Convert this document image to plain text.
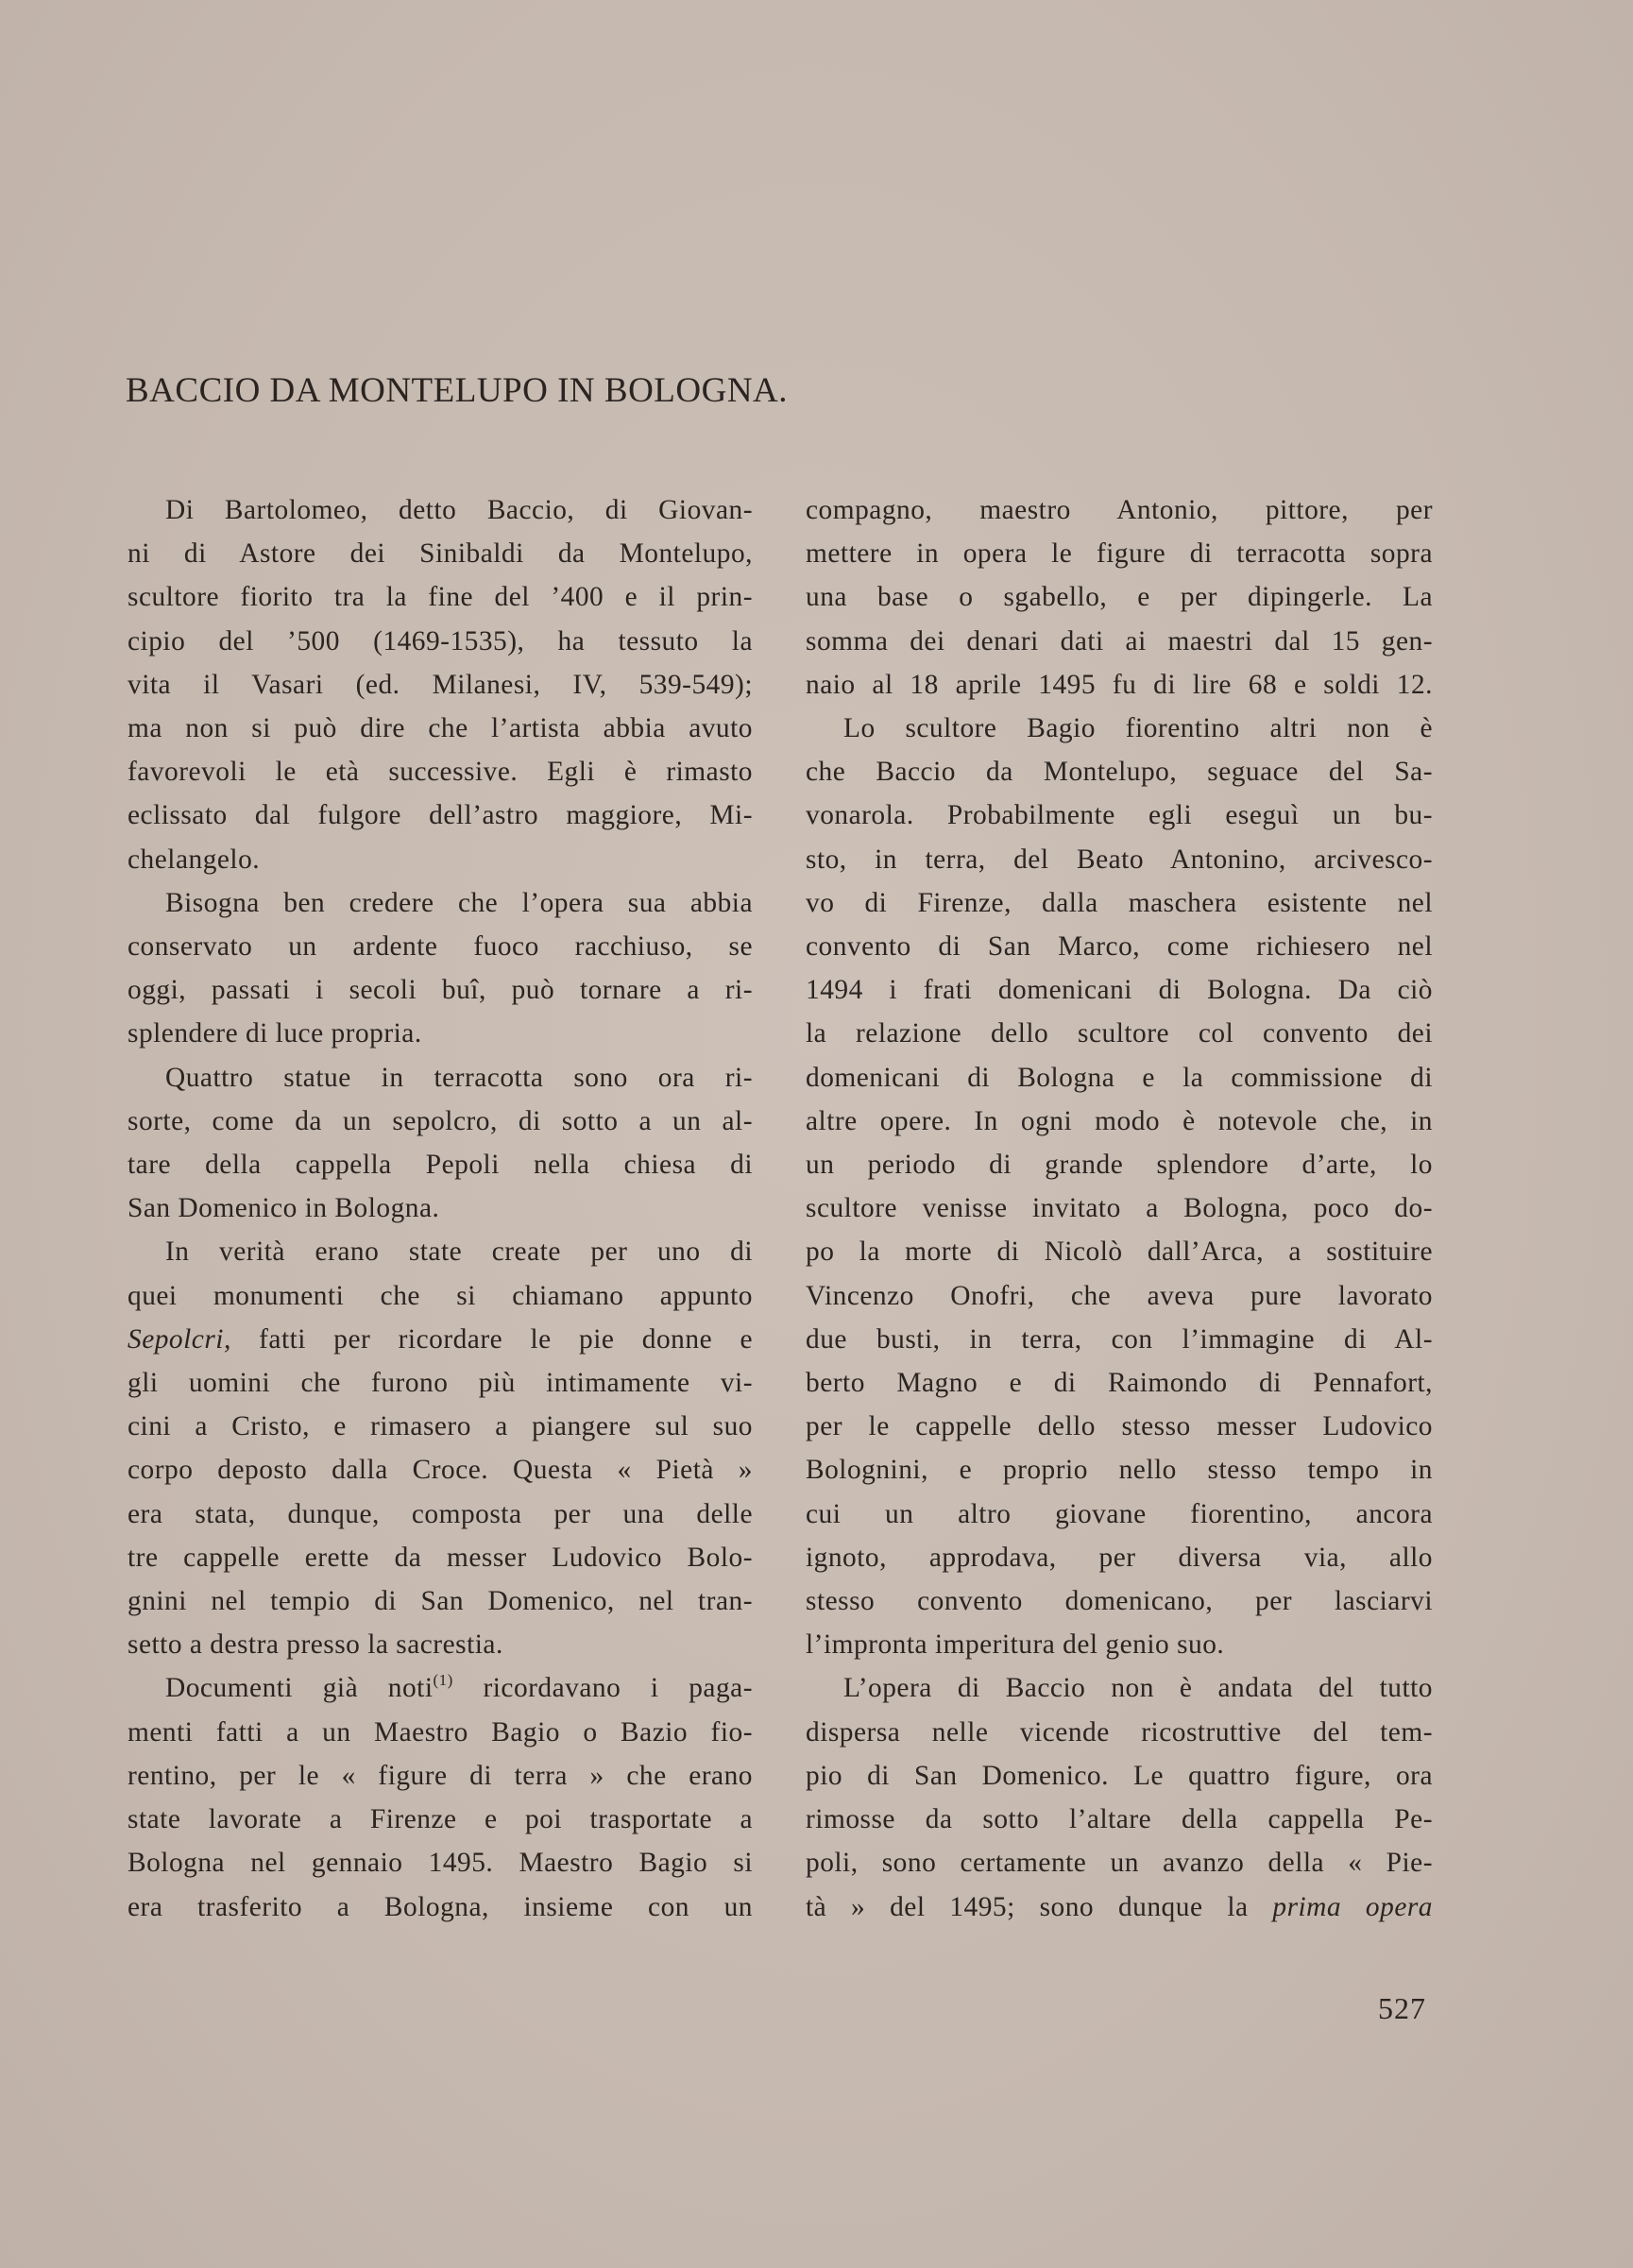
BACCIO DA MONTELUPO IN BOLOGNA.

Di Bartolomeo, detto Baccio, di Giovan-

ni di Astore dei Sinibaldi da Montelupo,

scultore fiorito tra la fine del ’400 e il prin-

cipio del ’500 (1469-1535), ha tessuto la

vita il Vasari (ed. Milanesi, IV, 539-549);

ma non si può dire che l’artista abbia avuto

favorevoli le età successive. Egli è rimasto

eclissato dal fulgore dell’astro maggiore, Mi-

chelangelo.

Bisogna ben credere che l’opera sua abbia

conservato un ardente fuoco racchiuso, se

oggi, passati i secoli buî, può tornare a ri-

splendere di luce propria.

Quattro statue in terracotta sono ora ri-

sorte, come da un sepolcro, di sotto a un al-

tare della cappella Pepoli nella chiesa di

San Domenico in Bologna.

In verità erano state create per uno di

quei monumenti che si chiamano appunto

Sepolcri, fatti per ricordare le pie donne e

gli uomini che furono più intimamente vi-

cini a Cristo, e rimasero a piangere sul suo

corpo deposto dalla Croce. Questa « Pietà »

era stata, dunque, composta per una delle

tre cappelle erette da messer Ludovico Bolo-

gnini nel tempio di San Domenico, nel tran-

setto a destra presso la sacrestia.

Documenti già noti$^{(1)}$ ricordavano i paga-

menti fatti a un Maestro Bagio o Bazio fio-

rentino, per le « figure di terra » che erano

state lavorate a Firenze e poi trasportate a

Bologna nel gennaio 1495. Maestro Bagio si

era trasferito a Bologna, insieme con un

compagno, maestro Antonio, pittore, per

mettere in opera le figure di terracotta sopra

una base o sgabello, e per dipingerle. La

somma dei denari dati ai maestri dal 15 gen-

naio al 18 aprile 1495 fu di lire 68 e soldi 12.

Lo scultore Bagio fiorentino altri non è

che Baccio da Montelupo, seguace del Sa-

vonarola. Probabilmente egli eseguì un bu-

sto, in terra, del Beato Antonino, arcivesco-

vo di Firenze, dalla maschera esistente nel

convento di San Marco, come richiesero nel

1494 i frati domenicani di Bologna. Da ciò

la relazione dello scultore col convento dei

domenicani di Bologna e la commissione di

altre opere. In ogni modo è notevole che, in

un periodo di grande splendore d’arte, lo

scultore venisse invitato a Bologna, poco do-

po la morte di Nicolò dall’Arca, a sostituire

Vincenzo Onofri, che aveva pure lavorato

due busti, in terra, con l’immagine di Al-

berto Magno e di Raimondo di Pennafort,

per le cappelle dello stesso messer Ludovico

Bolognini, e proprio nello stesso tempo in

cui un altro giovane fiorentino, ancora

ignoto, approdava, per diversa via, allo

stesso convento domenicano, per lasciarvi

l’impronta imperitura del genio suo.

L’opera di Baccio non è andata del tutto

dispersa nelle vicende ricostruttive del tem-

pio di San Domenico. Le quattro figure, ora

rimosse da sotto l’altare della cappella Pe-

poli, sono certamente un avanzo della « Pie-

tà » del 1495; sono dunque la prima opera

527
